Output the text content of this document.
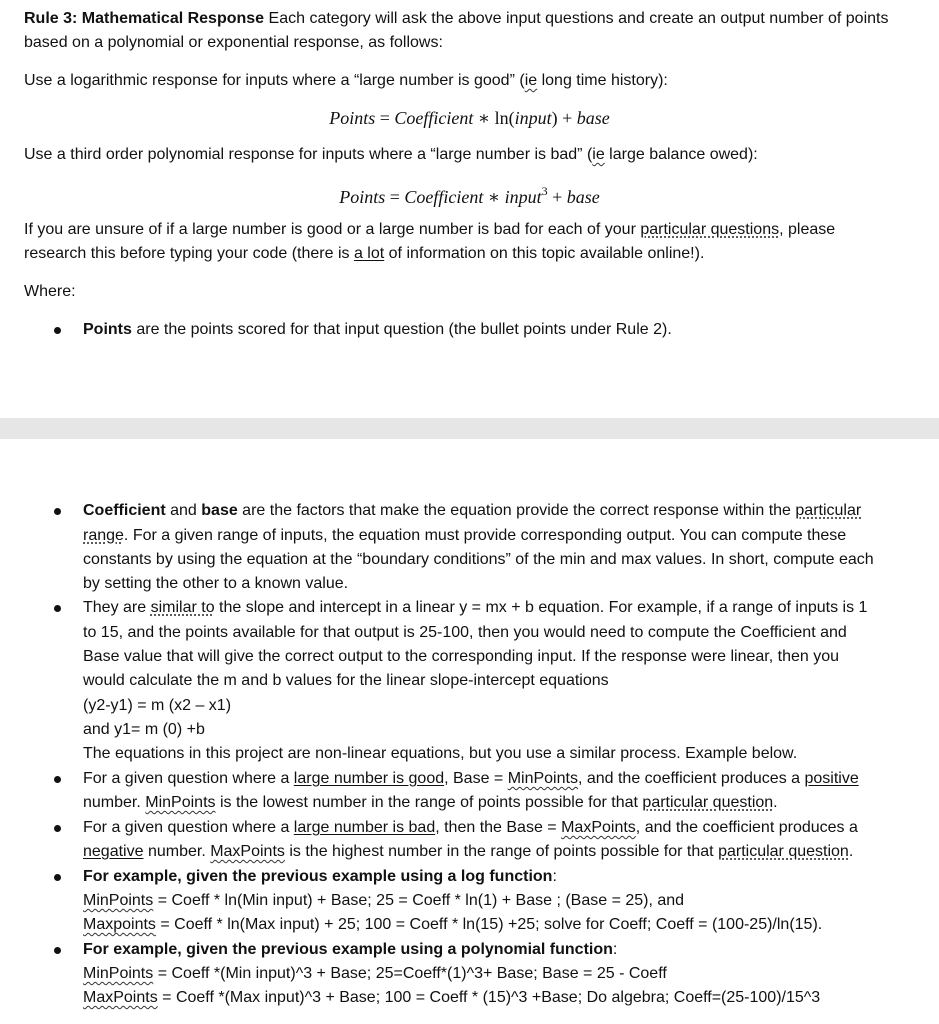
Rule 3: Mathematical Response Each category will ask the above input questions and create an output number of points
based on a polynomial or exponential response, as follows:
Use a logarithmic response for inputs where a “large number is good” (ie long time history):
Points = Coefficient ∗ ln(input) + base
Use a third order polynomial response for inputs where a “large number is bad” (ie large balance owed):
Points = Coefficient ∗ input$^3$ + base
If you are unsure of if a large number is good or a large number is bad for each of your particular questions, please
research this before typing your code (there is a lot of information on this topic available online!).
Where:
Points are the points scored for that input question (the bullet points under Rule 2).
Coefficient and base are the factors that make the equation provide the correct response within the particular
range. For a given range of inputs, the equation must provide corresponding output. You can compute these
constants by using the equation at the “boundary conditions” of the min and max values. In short, compute each
by setting the other to a known value.
They are similar to the slope and intercept in a linear y = mx + b equation. For example, if a range of inputs is 1
to 15, and the points available for that output is 25-100, then you would need to compute the Coefficient and
Base value that will give the correct output to the corresponding input. If the response were linear, then you
would calculate the m and b values for the linear slope-intercept equations
(y2-y1) = m (x2 – x1)
and y1= m (0) +b
The equations in this project are non-linear equations, but you use a similar process. Example below.
For a given question where a large number is good, Base = MinPoints, and the coefficient produces a positive
number. MinPoints is the lowest number in the range of points possible for that particular question.
For a given question where a large number is bad, then the Base = MaxPoints, and the coefficient produces a
negative number. MaxPoints is the highest number in the range of points possible for that particular question.
For example, given the previous example using a log function:
MinPoints = Coeff * ln(Min input) + Base; 25 = Coeff * ln(1) + Base ; (Base = 25), and
Maxpoints = Coeff * ln(Max input) + 25; 100 = Coeff * ln(15) +25; solve for Coeff; Coeff = (100-25)/ln(15).
For example, given the previous example using a polynomial function:
MinPoints = Coeff *(Min input)^3 + Base; 25=Coeff*(1)^3+ Base; Base = 25 - Coeff
MaxPoints = Coeff *(Max input)^3 + Base; 100 = Coeff * (15)^3 +Base; Do algebra; Coeff=(25-100)/15^3
